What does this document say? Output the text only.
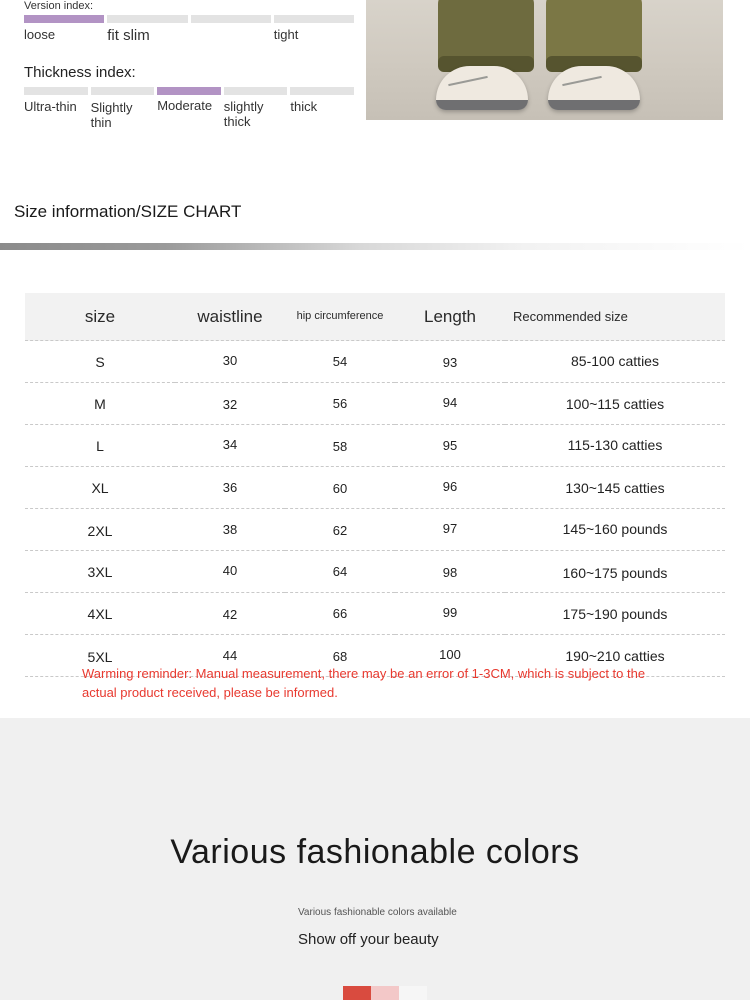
Version index:
loose	fit slim	tight
Thickness index:
Ultra-thin	Slightly thin
Moderate slightly thick
thick
Size information/SIZE CHART
size	waistline	hip circumference	Length	Recommended size
S	30	54	93	85-100 catties
M	32	56	94	100~115 catties
L	34	58	95	115-130 catties
XL	36	60	96	130~145 catties
2XL	38	62	97	145~160 pounds
3XL	40	64	98	160~175 pounds
4XL	42	66	99	175~190 pounds
5XL	44	68	100	190~210 catties
Warming reminder: Manual measurement, there may be an error of 1-3CM, which is subject to the actual product received, please be informed.
Various fashionable colors
Various fashionable colors available
Show off your beauty
